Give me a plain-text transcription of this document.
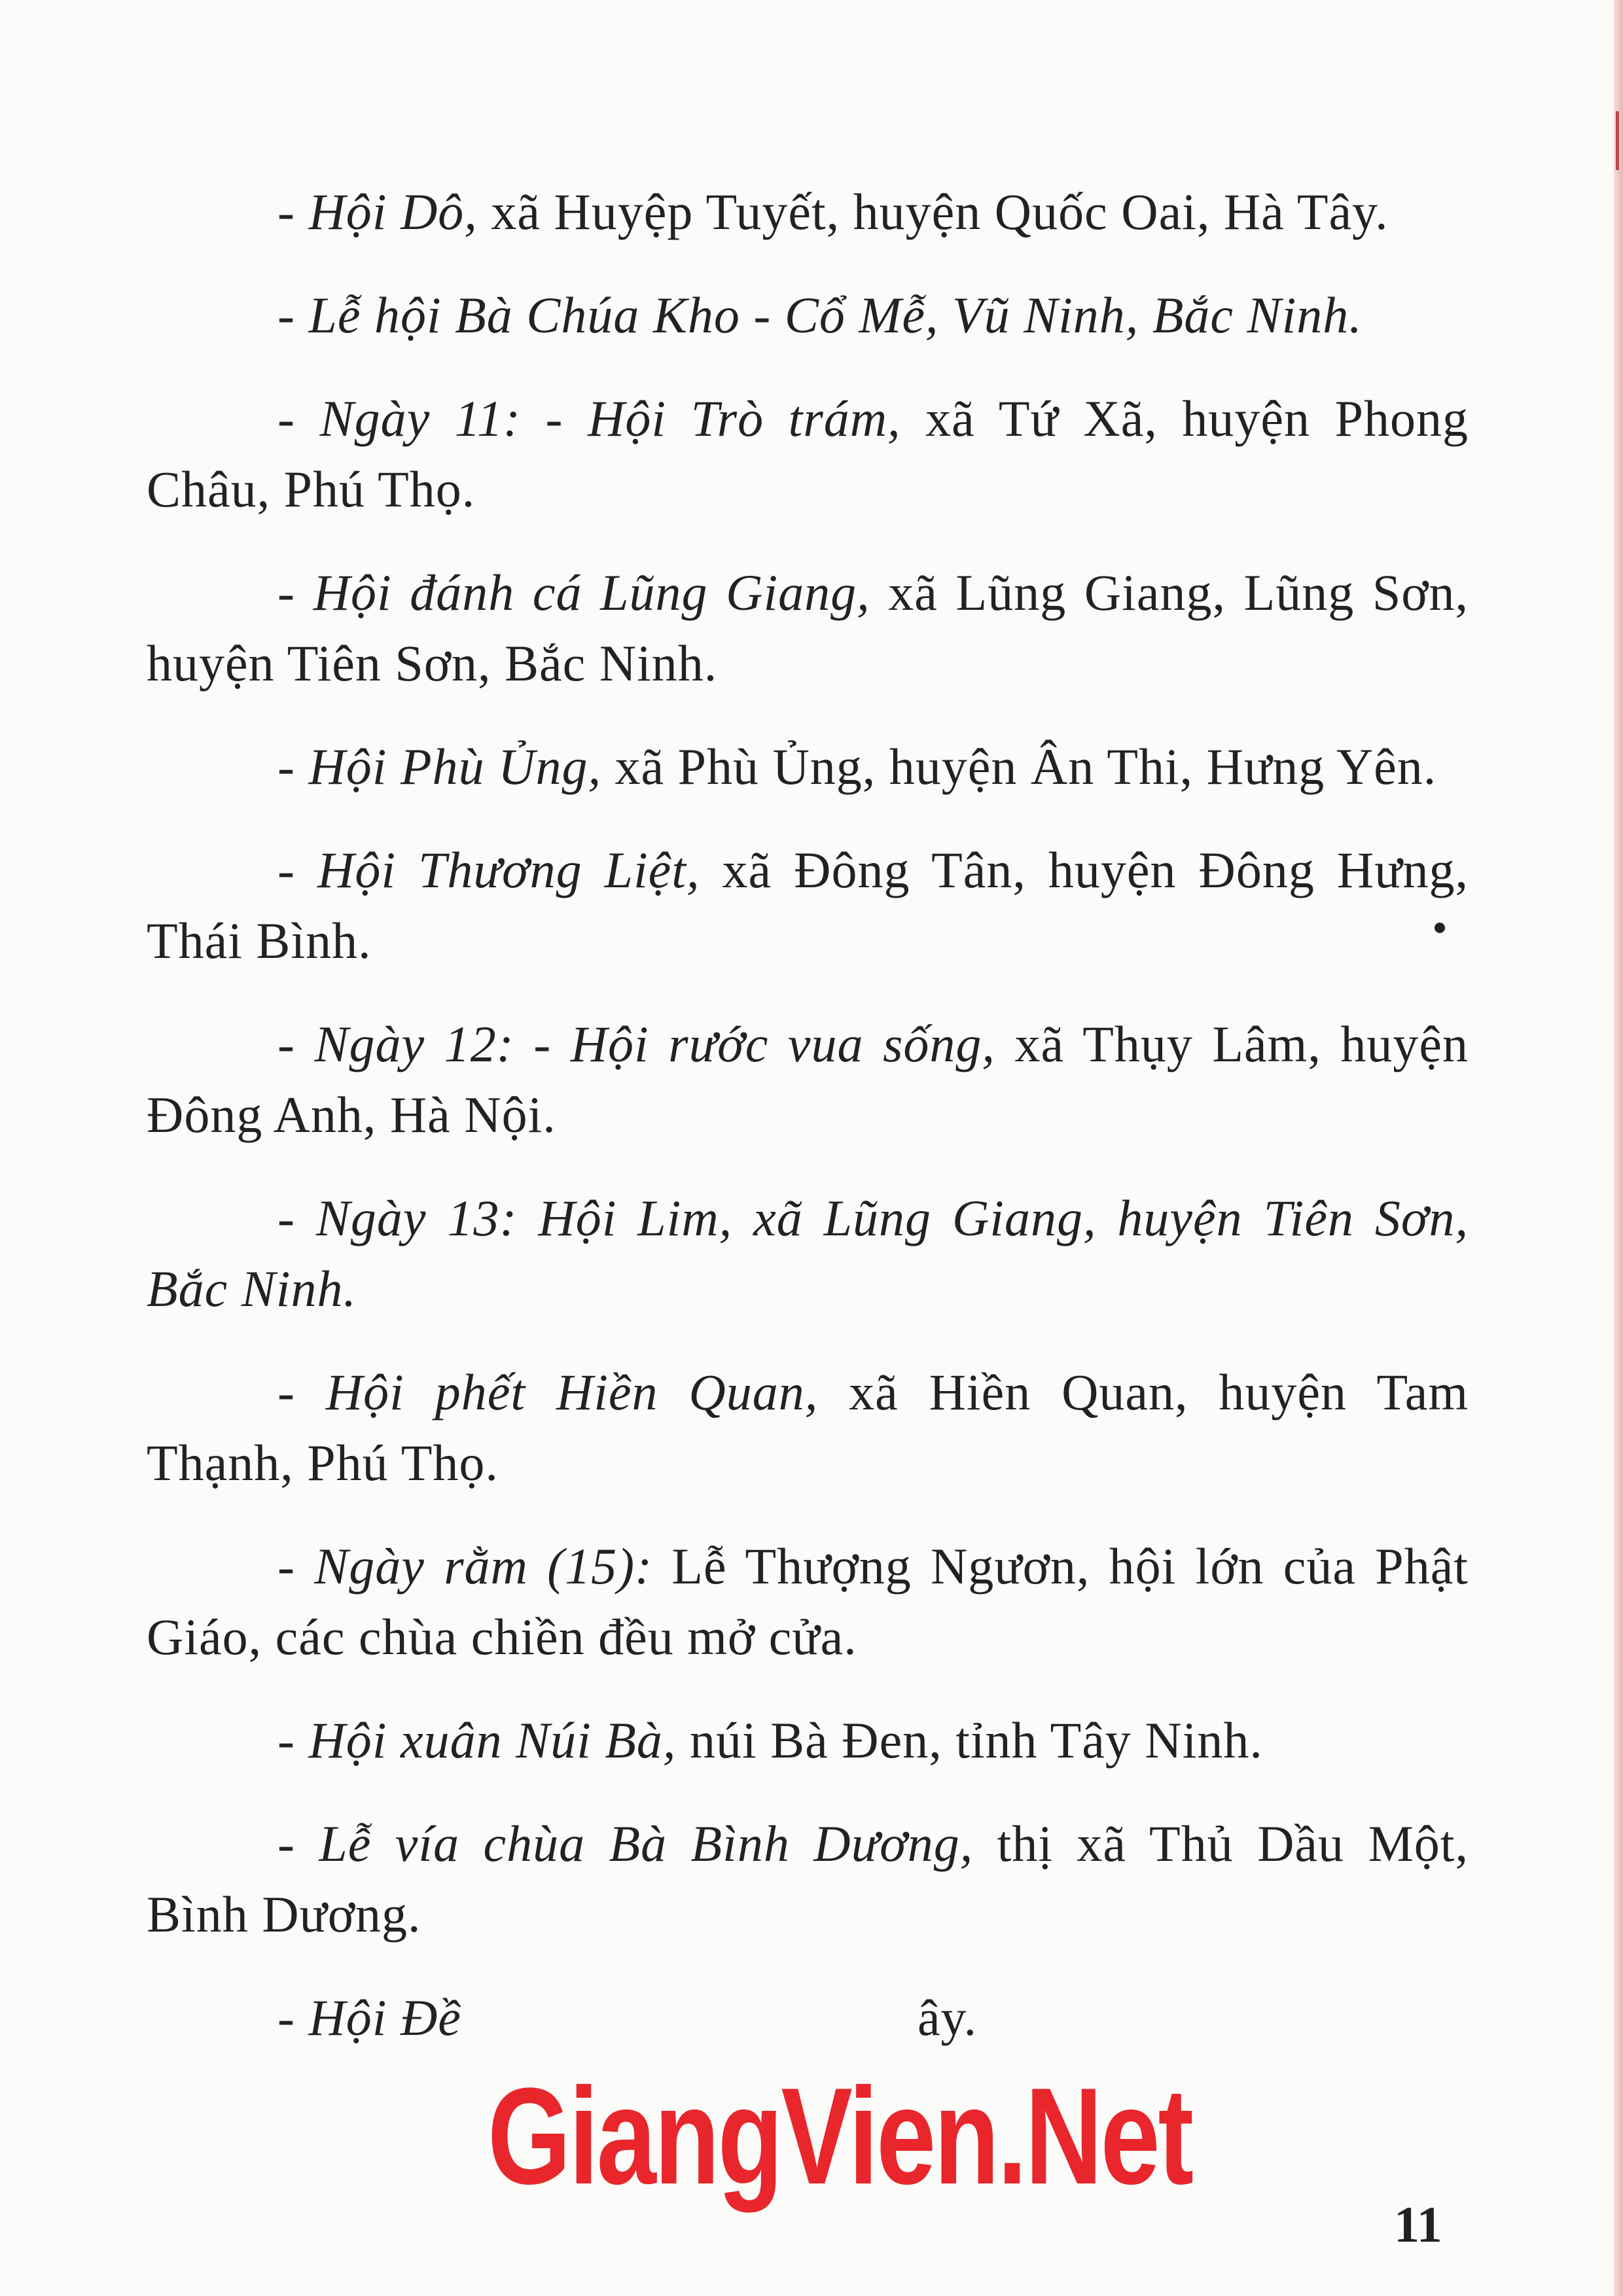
- Hội Dô, xã Huyệp Tuyết, huyện Quốc Oai, Hà Tây.

- Lễ hội Bà Chúa Kho - Cổ Mễ, Vũ Ninh, Bắc Ninh.

- Ngày 11: - Hội Trò trám, xã Tứ Xã, huyện Phong Châu, Phú Thọ.

- Hội đánh cá Lũng Giang, xã Lũng Giang, Lũng Sơn, huyện Tiên Sơn, Bắc Ninh.

- Hội Phù Ủng, xã Phù Ủng, huyện Ân Thi, Hưng Yên.

- Hội Thương Liệt, xã Đông Tân, huyện Đông Hưng, Thái Bình.

- Ngày 12: - Hội rước vua sống, xã Thụy Lâm, huyện Đông Anh, Hà Nội.

- Ngày 13: Hội Lim, xã Lũng Giang, huyện Tiên Sơn, Bắc Ninh.

- Hội phết Hiền Quan, xã Hiền Quan, huyện Tam Thạnh, Phú Thọ.

- Ngày rằm (15): Lễ Thượng Ngươn, hội lớn của Phật Giáo, các chùa chiền đều mở cửa.

- Hội xuân Núi Bà, núi Bà Đen, tỉnh Tây Ninh.

- Lễ vía chùa Bà Bình Dương, thị xã Thủ Dầu Một, Bình Dương.

- Hội Đề                                  ây.

GiangVien.Net
11
